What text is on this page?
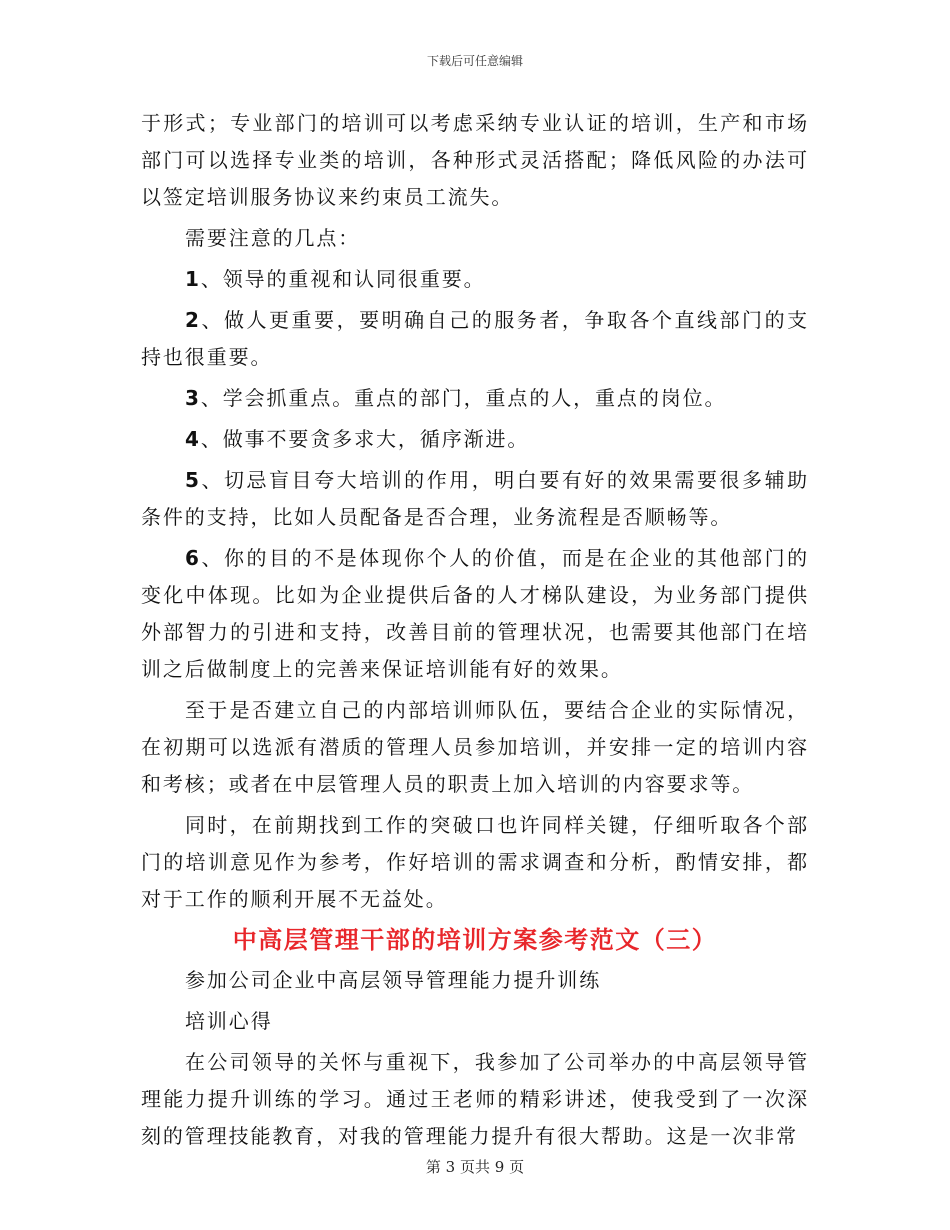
下载后可任意编辑

于形式；专业部门的培训可以考虑采纳专业认证的培训，生产和市场部门可以选择专业类的培训，各种形式灵活搭配；降低风险的办法可以签定培训服务协议来约束员工流失。

需要注意的几点：

1、领导的重视和认同很重要。

2、做人更重要，要明确自己的服务者，争取各个直线部门的支持也很重要。

3、学会抓重点。重点的部门，重点的人，重点的岗位。

4、做事不要贪多求大，循序渐进。

5、切忌盲目夸大培训的作用，明白要有好的效果需要很多辅助条件的支持，比如人员配备是否合理，业务流程是否顺畅等。

6、你的目的不是体现你个人的价值，而是在企业的其他部门的变化中体现。比如为企业提供后备的人才梯队建设，为业务部门提供外部智力的引进和支持，改善目前的管理状况，也需要其他部门在培训之后做制度上的完善来保证培训能有好的效果。

至于是否建立自己的内部培训师队伍，要结合企业的实际情况，在初期可以选派有潜质的管理人员参加培训，并安排一定的培训内容和考核；或者在中层管理人员的职责上加入培训的内容要求等。

同时，在前期找到工作的突破口也许同样关键，仔细听取各个部门的培训意见作为参考，作好培训的需求调查和分析，酌情安排，都对于工作的顺利开展不无益处。

中高层管理干部的培训方案参考范文（三）

参加公司企业中高层领导管理能力提升训练

培训心得

在公司领导的关怀与重视下，我参加了公司举办的中高层领导管理能力提升训练的学习。通过王老师的精彩讲述，使我受到了一次深刻的管理技能教育，对我的管理能力提升有很大帮助。这是一次非常

第 3 页共 9 页
